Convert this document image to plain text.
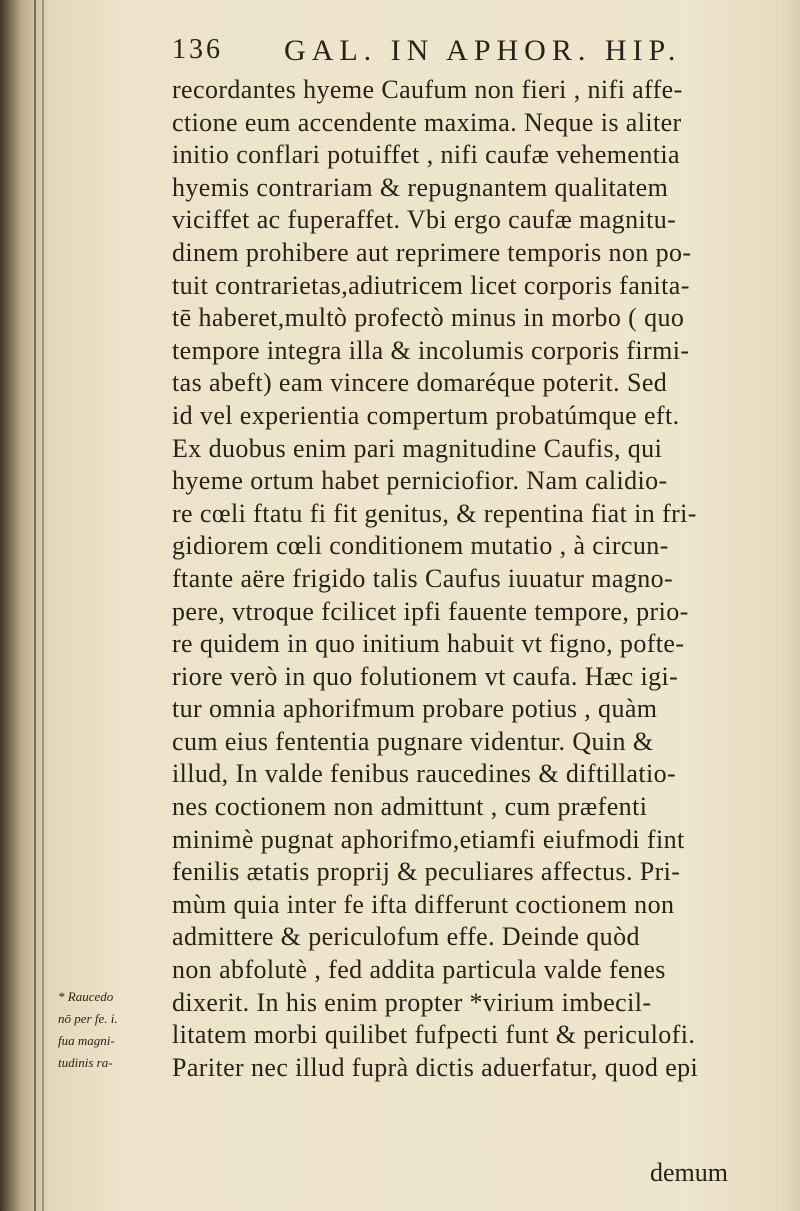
136 GAL. IN APHOR. HIP.
recordantes hyeme Caufum non fieri , nifi affe-
ctione eum accendente maxima. Neque is aliter
initio conflari potuiffet , nifi caufæ vehementia
hyemis contrariam & repugnantem qualitatem
viciffet ac fuperaffet. Vbi ergo caufæ magnitu-
dinem prohibere aut reprimere temporis non po-
tuit contrarietas,adiutricem licet corporis fanita-
tē haberet,multò profectò minus in morbo ( quo
tempore integra illa & incolumis corporis firmi-
tas abeft) eam vincere domaréque poterit. Sed
id vel experientia compertum probatúmque eft.
Ex duobus enim pari magnitudine Caufis, qui
hyeme ortum habet perniciofior. Nam calidio-
re cœli ftatu fi fit genitus, & repentina fiat in fri-
gidiorem cœli conditionem mutatio , à circun-
ftante aëre frigido talis Caufus iuuatur magno-
pere, vtroque fcilicet ipfi fauente tempore, prio-
re quidem in quo initium habuit vt figno, pofte-
riore verò in quo folutionem vt caufa. Hæc igi-
tur omnia aphorifmum probare potius , quàm
cum eius fententia pugnare videntur. Quin &
illud, In valde fenibus raucedines & diftillatio-
nes coctionem non admittunt , cum præfenti
minimè pugnat aphorifmo,etiamfi eiufmodi fint
fenilis ætatis proprij & peculiares affectus. Pri-
mùm quia inter fe ifta differunt coctionem non
admittere & periculofum effe. Deinde quòd
non abfolutè , fed addita particula valde fenes
dixerit. In his enim propter *virium imbecil-
litatem morbi quilibet fufpecti funt & periculofi.
Pariter nec illud fuprà dictis aduerfatur, quod epi
demum
* Raucedo
nō per fe. i.
fua magni-
tudinis ra-
